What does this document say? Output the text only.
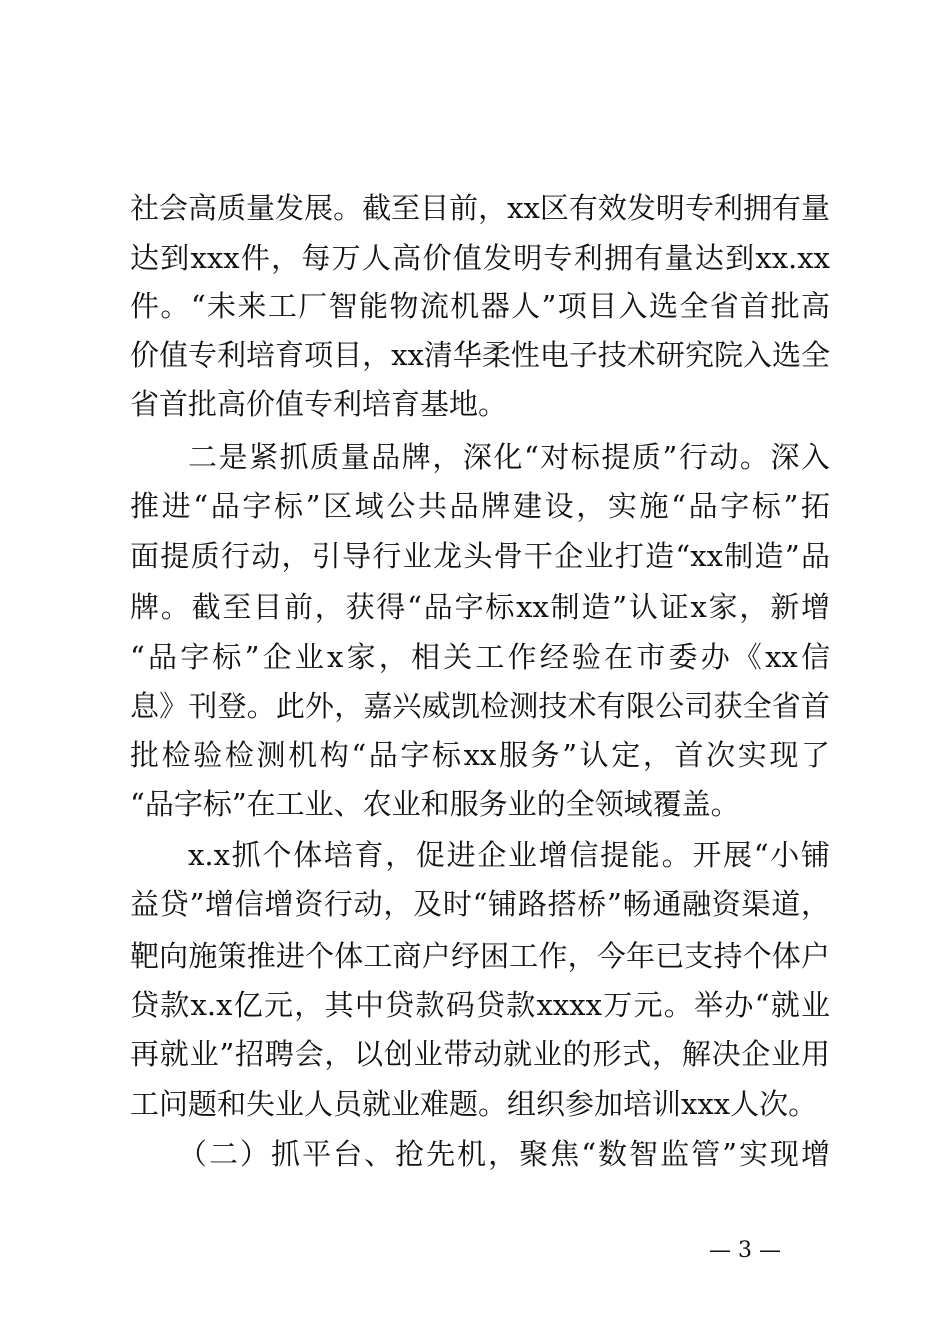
社会高质量发展。截至目前，xx区有效发明专利拥有量
达到xxx件，每万人高价值发明专利拥有量达到xx.xx
件。“未来工厂智能物流机器人”项目入选全省首批高
价值专利培育项目，xx清华柔性电子技术研究院入选全
省首批高价值专利培育基地。
二是紧抓质量品牌，深化“对标提质”行动。深入
推进“品字标”区域公共品牌建设，实施“品字标”拓
面提质行动，引导行业龙头骨干企业打造“xx制造”品
牌。截至目前，获得“品字标xx制造”认证x家，新增
“品字标”企业x家，相关工作经验在市委办《xx信
息》刊登。此外，嘉兴威凯检测技术有限公司获全省首
批检验检测机构“品字标xx服务”认定，首次实现了
“品字标”在工业、农业和服务业的全领域覆盖。
x.x抓个体培育，促进企业增信提能。开展“小铺
益贷”增信增资行动，及时“铺路搭桥”畅通融资渠道，
靶向施策推进个体工商户纾困工作，今年已支持个体户
贷款x.x亿元，其中贷款码贷款xxxx万元。举办“就业
再就业”招聘会，以创业带动就业的形式，解决企业用
工问题和失业人员就业难题。组织参加培训xxx人次。
（二）抓平台、抢先机，聚焦“数智监管”实现增
— 3 —
